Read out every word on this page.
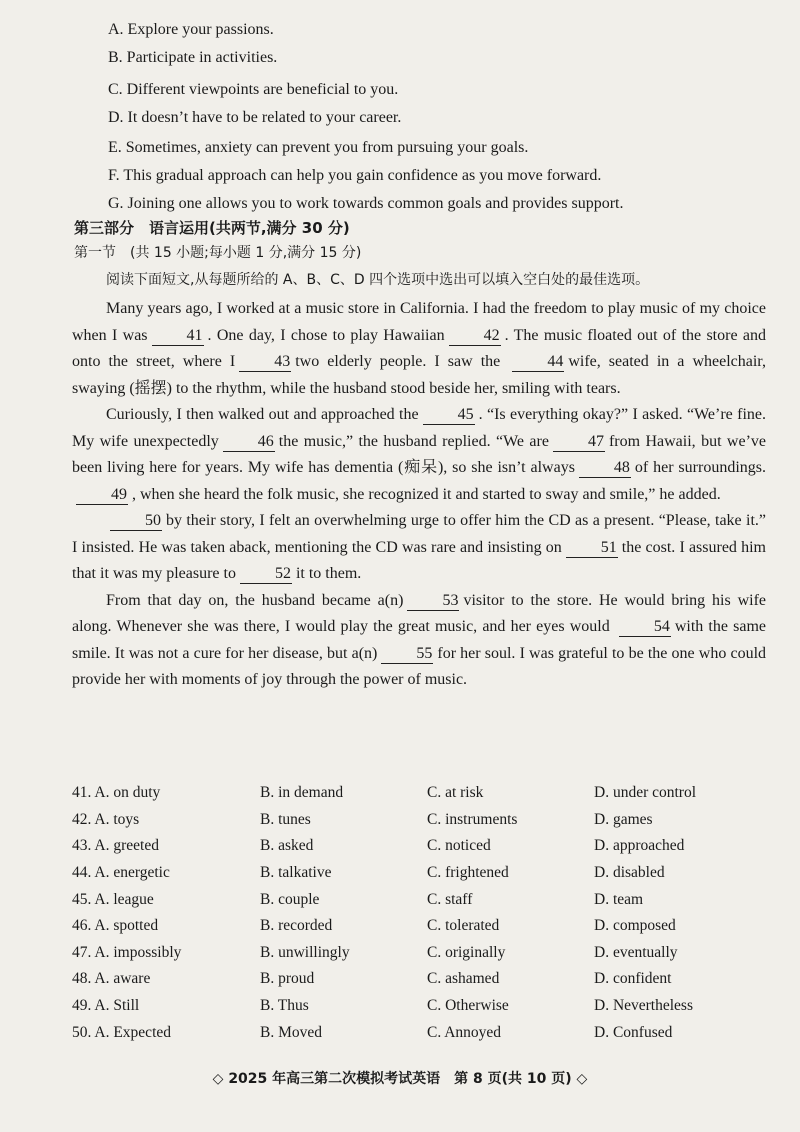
A. Explore your passions.
B. Participate in activities.
C. Different viewpoints are beneficial to you.
D. It doesn’t have to be related to your career.
E. Sometimes, anxiety can prevent you from pursuing your goals.
F. This gradual approach can help you gain confidence as you move forward.
G. Joining one allows you to work towards common goals and provides support.
第三部分　语言运用(共两节,满分 30 分)
第一节　(共 15 小题;每小题 1 分,满分 15 分)
阅读下面短文,从每题所给的 A、B、C、D 四个选项中选出可以填入空白处的最佳选项。

Many years ago, I worked at a music store in California. I had the freedom to play music of my choice when I was 41 . One day, I chose to play Hawaiian 42 . The music floated out of the store and onto the street, where I 43 two elderly people. I saw the	44 wife, seated in a wheelchair, swaying (摇摆) to the rhythm, while the husband stood beside her, smiling with tears.

Curiously, I then walked out and approached the 45 . “Is everything okay?” I asked. “We’re fine. My wife unexpectedly 46 the music,” the husband replied. “We are 47 from Hawaii, but we’ve been living here for years. My wife has dementia (痴呆), so she isn’t always 48 of her surroundings.49 , when she heard the folk music, she recognized it and started to sway and smile,” he added.

50 by their story, I felt an overwhelming urge to offer him the CD as a present. “Please, take it.” I insisted. He was taken aback, mentioning the CD was rare and insisting on 51 the cost. I assured him that it was my pleasure to 52 it to them.

From that day on, the husband became a(n) 53 visitor to the store. He would bring his wife along. Whenever she was there, I would play the great music, and her eyes would	54 with the same smile. It was not a cure for her disease, but a(n) 55 for her soul. I was grateful to be the one who could provide her with moments of joy through the power of music.

41. A. on duty	B. in demand	C. at risk	D. under control
42. A. toys	B. tunes	C. instruments	D. games
43. A. greeted	B. asked	C. noticed	D. approached
44. A. energetic	B. talkative	C. frightened	D. disabled
45. A. league	B. couple	C. staff	D. team
46. A. spotted	B. recorded	C. tolerated	D. composed
47. A. impossibly	B. unwillingly	C. originally	D. eventually
48. A. aware	B. proud	C. ashamed	D. confident
49. A. Still	B. Thus	C. Otherwise	D. Nevertheless
50. A. Expected	B. Moved	C. Annoyed	D. Confused
◇ 2025 年高三第二次模拟考试英语　第 8 页(共 10 页) ◇
